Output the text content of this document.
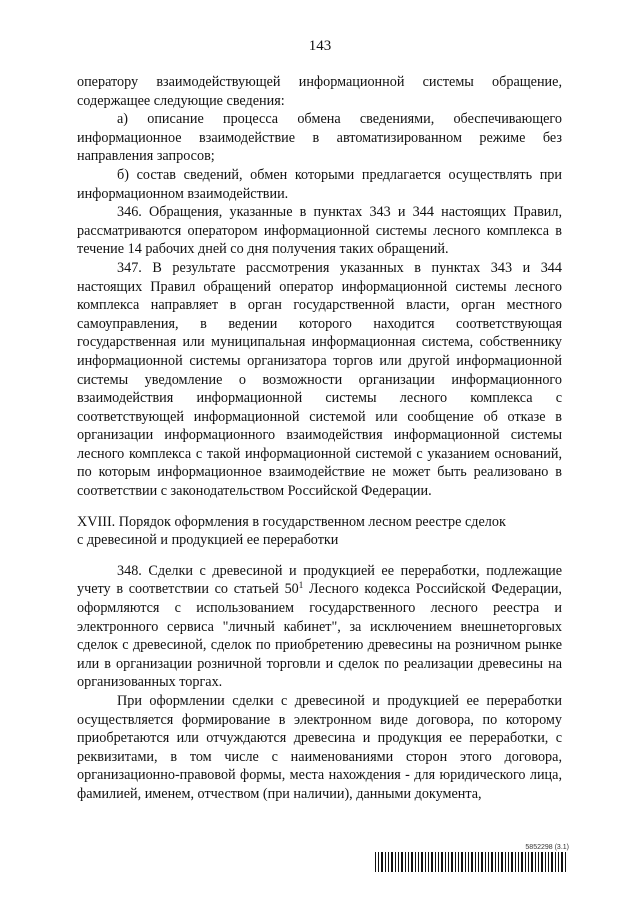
143

оператору взаимодействующей информационной системы обращение, содержащее следующие сведения:

а) описание процесса обмена сведениями, обеспечивающего информационное взаимодействие в автоматизированном режиме без направления запросов;

б) состав сведений, обмен которыми предлагается осуществлять при информационном взаимодействии.

346. Обращения, указанные в пунктах 343 и 344 настоящих Правил, рассматриваются оператором информационной системы лесного комплекса в течение 14 рабочих дней со дня получения таких обращений.

347. В результате рассмотрения указанных в пунктах 343 и 344 настоящих Правил обращений оператор информационной системы лесного комплекса направляет в орган государственной власти, орган местного самоуправления, в ведении которого находится соответствующая государственная или муниципальная информационная система, собственнику информационной системы организатора торгов или другой информационной системы уведомление о возможности организации информационного взаимодействия информационной системы лесного комплекса с соответствующей информационной системой или сообщение об отказе в организации информационного взаимодействия информационной системы лесного комплекса с такой информационной системой с указанием оснований, по которым информационное взаимодействие не может быть реализовано в соответствии с законодательством Российской Федерации.

XVIII. Порядок оформления в государственном лесном реестре сделок

с древесиной и продукцией ее переработки

348. Сделки с древесиной и продукцией ее переработки, подлежащие учету в соответствии со статьей $50^1$ Лесного кодекса Российской Федерации, оформляются с использованием государственного лесного реестра и электронного сервиса "личный кабинет", за исключением внешнеторговых сделок с древесиной, сделок по приобретению древесины на розничном рынке или в организации розничной торговли и сделок по реализации древесины на организованных торгах.

При оформлении сделки с древесиной и продукцией ее переработки осуществляется формирование в электронном виде договора, по которому приобретаются или отчуждаются древесина и продукция ее переработки, с реквизитами, в том числе с наименованиями сторон этого договора, организационно-правовой формы, места нахождения - для юридического лица, фамилией, именем, отчеством (при наличии), данными документа,

5852298 (3.1)
